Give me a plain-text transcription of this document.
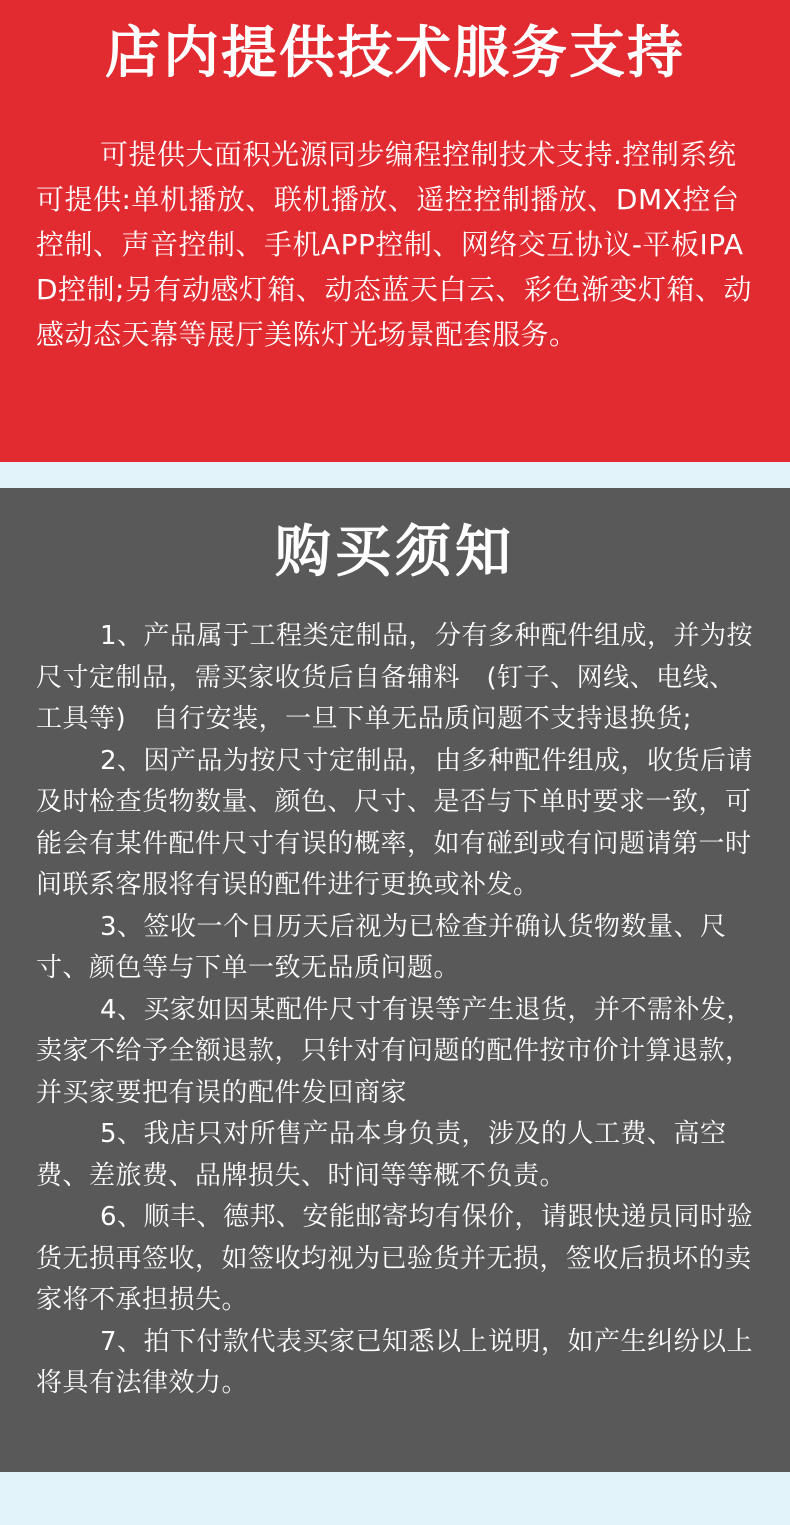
店内提供技术服务支持

可提供大面积光源同步编程控制技术支持.控制系统可提供:单机播放、联机播放、遥控控制播放、DMX控台控制、声音控制、手机APP控制、网络交互协议-平板IPAD控制;另有动感灯箱、动态蓝天白云、彩色渐变灯箱、动感动态天幕等展厅美陈灯光场景配套服务。

购买须知
1、产品属于工程类定制品，分有多种配件组成，并为按尺寸定制品，需买家收货后自备辅料　(钉子、网线、电线、工具等)　自行安装，一旦下单无品质问题不支持退换货;
2、因产品为按尺寸定制品，由多种配件组成，收货后请及时检查货物数量、颜色、尺寸、是否与下单时要求一致，可能会有某件配件尺寸有误的概率，如有碰到或有问题请第一时间联系客服将有误的配件进行更换或补发。
3、签收一个日历天后视为已检查并确认货物数量、尺寸、颜色等与下单一致无品质问题。
4、买家如因某配件尺寸有误等产生退货，并不需补发，卖家不给予全额退款，只针对有问题的配件按市价计算退款，并买家要把有误的配件发回商家
5、我店只对所售产品本身负责，涉及的人工费、高空费、差旅费、品牌损失、时间等等概不负责。
6、顺丰、德邦、安能邮寄均有保价，请跟快递员同时验货无损再签收，如签收均视为已验货并无损，签收后损坏的卖家将不承担损失。
7、拍下付款代表买家已知悉以上说明，如产生纠纷以上将具有法律效力。
